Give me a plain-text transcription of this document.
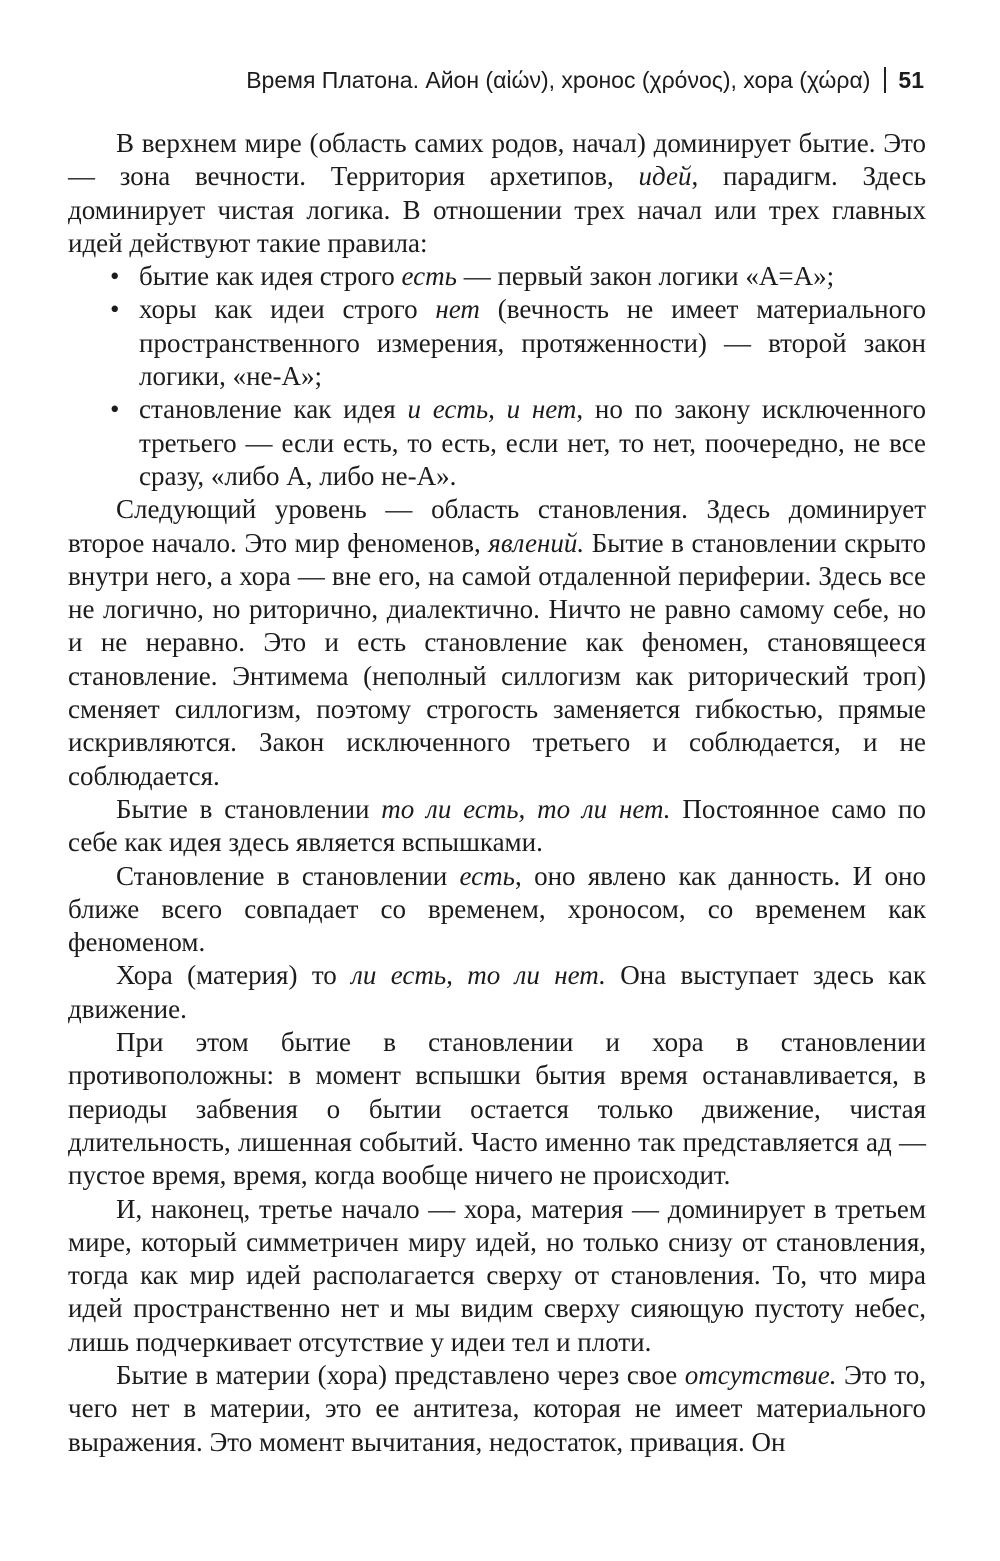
Время Платона. Айон (αἰών), хронос (χρόνος), хора (χώρα) 51

В верхнем мире (область самих родов, начал) доминирует бытие. Это — зона вечности. Территория архетипов, идей, парадигм. Здесь доминирует чистая логика. В отношении трех начал или трех главных идей действуют такие правила:

• бытие как идея строго есть — первый закон логики «А=А»;
• хоры как идеи строго нет (вечность не имеет материального пространственного измерения, протяженности) — второй закон логики, «не-А»;
• становление как идея и есть, и нет, но по закону исключенного третьего — если есть, то есть, если нет, то нет, поочередно, не все сразу, «либо А, либо не-А».

Следующий уровень — область становления. Здесь доминирует второе начало. Это мир феноменов, явлений. Бытие в становлении скрыто внутри него, а хора — вне его, на самой отдаленной периферии. Здесь все не логично, но риторично, диалектично. Ничто не равно самому себе, но и не неравно. Это и есть становление как феномен, становящееся становление. Энтимема (неполный силлогизм как риторический троп) сменяет силлогизм, поэтому строгость заменяется гибкостью, прямые искривляются. Закон исключенного третьего и соблюдается, и не соблюдается.

Бытие в становлении то ли есть, то ли нет. Постоянное само по себе как идея здесь является вспышками.

Становление в становлении есть, оно явлено как данность. И оно ближе всего совпадает со временем, хроносом, со временем как феноменом.

Хора (материя) то ли есть, то ли нет. Она выступает здесь как движение.

При этом бытие в становлении и хора в становлении противоположны: в момент вспышки бытия время останавливается, в периоды забвения о бытии остается только движение, чистая длительность, лишенная событий. Часто именно так представляется ад — пустое время, время, когда вообще ничего не происходит.

И, наконец, третье начало — хора, материя — доминирует в третьем мире, который симметричен миру идей, но только снизу от становления, тогда как мир идей располагается сверху от становления. То, что мира идей пространственно нет и мы видим сверху сияющую пустоту небес, лишь подчеркивает отсутствие у идеи тел и плоти.

Бытие в материи (хора) представлено через свое отсутствие. Это то, чего нет в материи, это ее антитеза, которая не имеет материального выражения. Это момент вычитания, недостаток, привация. Он
